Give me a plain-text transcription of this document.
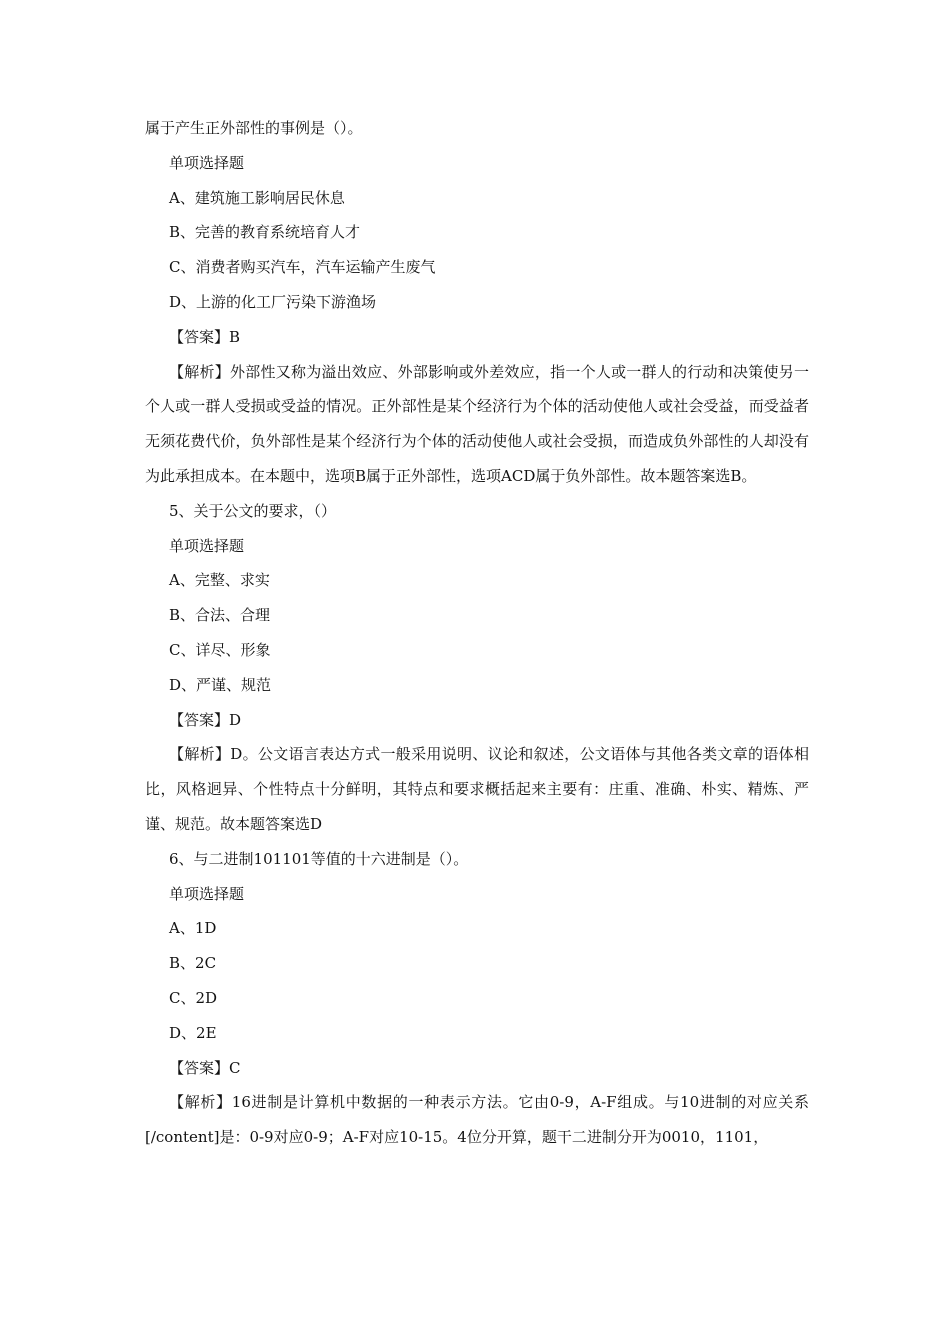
属于产生正外部性的事例是（）。
单项选择题
A、建筑施工影响居民休息
B、完善的教育系统培育人才
C、消费者购买汽车，汽车运输产生废气
D、上游的化工厂污染下游渔场
【答案】B
【解析】外部性又称为溢出效应、外部影响或外差效应，指一个人或一群人的行动和决策使另一个人或一群人受损或受益的情况。正外部性是某个经济行为个体的活动使他人或社会受益，而受益者无须花费代价，负外部性是某个经济行为个体的活动使他人或社会受损，而造成负外部性的人却没有为此承担成本。在本题中，选项B属于正外部性，选项ACD属于负外部性。故本题答案选B。
5、关于公文的要求，（）
单项选择题
A、完整、求实
B、合法、合理
C、详尽、形象
D、严谨、规范
【答案】D
【解析】D。公文语言表达方式一般采用说明、议论和叙述，公文语体与其他各类文章的语体相比，风格迥异、个性特点十分鲜明，其特点和要求概括起来主要有：庄重、准确、朴实、精炼、严谨、规范。故本题答案选D
6、与二进制101101等值的十六进制是（）。
单项选择题
A、1D
B、2C
C、2D
D、2E
【答案】C
【解析】16进制是计算机中数据的一种表示方法。它由0-9，A-F组成。与10进制的对应关系[/content]是：0-9对应0-9；A-F对应10-15。4位分开算，题干二进制分开为0010，1101，
